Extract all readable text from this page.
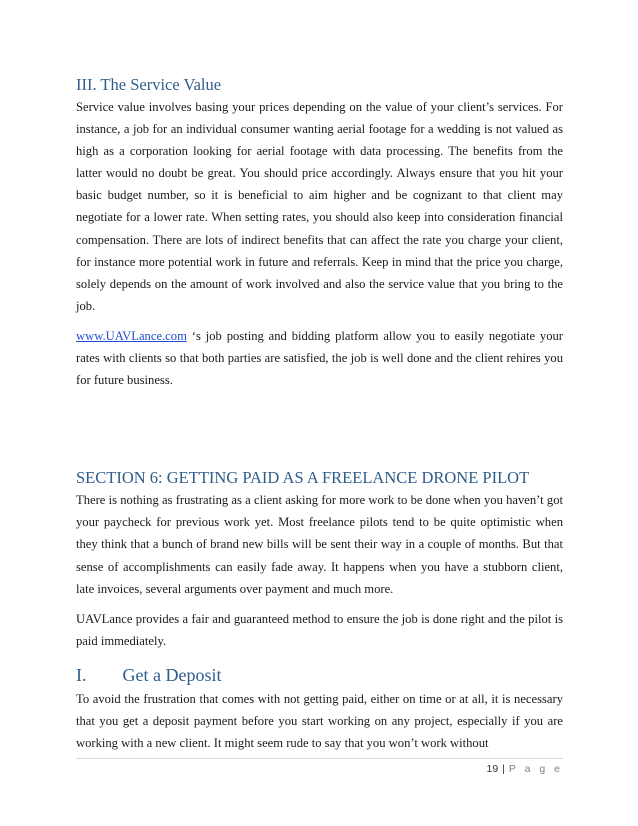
III. The Service Value

Service value involves basing your prices depending on the value of your client’s services. For instance, a job for an individual consumer wanting aerial footage for a wedding is not valued as high as a corporation looking for aerial footage with data processing. The benefits from the latter would no doubt be great. You should price accordingly. Always ensure that you hit your basic budget number, so it is beneficial to aim higher and be cognizant to that client may negotiate for a lower rate. When setting rates, you should also keep into consideration financial compensation. There are lots of indirect benefits that can affect the rate you charge your client, for instance more potential work in future and referrals. Keep in mind that the price you charge, solely depends on the amount of work involved and also the service value that you bring to the job.

www.UAVLance.com ‘s job posting and bidding platform allow you to easily negotiate your rates with clients so that both parties are satisfied, the job is well done and the client rehires you for future business.

SECTION 6: GETTING PAID AS A FREELANCE DRONE PILOT

There is nothing as frustrating as a client asking for more work to be done when you haven’t got your paycheck for previous work yet. Most freelance pilots tend to be quite optimistic when they think that a bunch of brand new bills will be sent their way in a couple of months. But that sense of accomplishments can easily fade away. It happens when you have a stubborn client, late invoices, several arguments over payment and much more.

UAVLance provides a fair and guaranteed method to ensure the job is done right and the pilot is paid immediately.

I.  Get a Deposit

To avoid the frustration that comes with not getting paid, either on time or at all, it is necessary that you get a deposit payment before you start working on any project, especially if you are working with a new client. It might seem rude to say that you won’t work without

19 | P a g e
